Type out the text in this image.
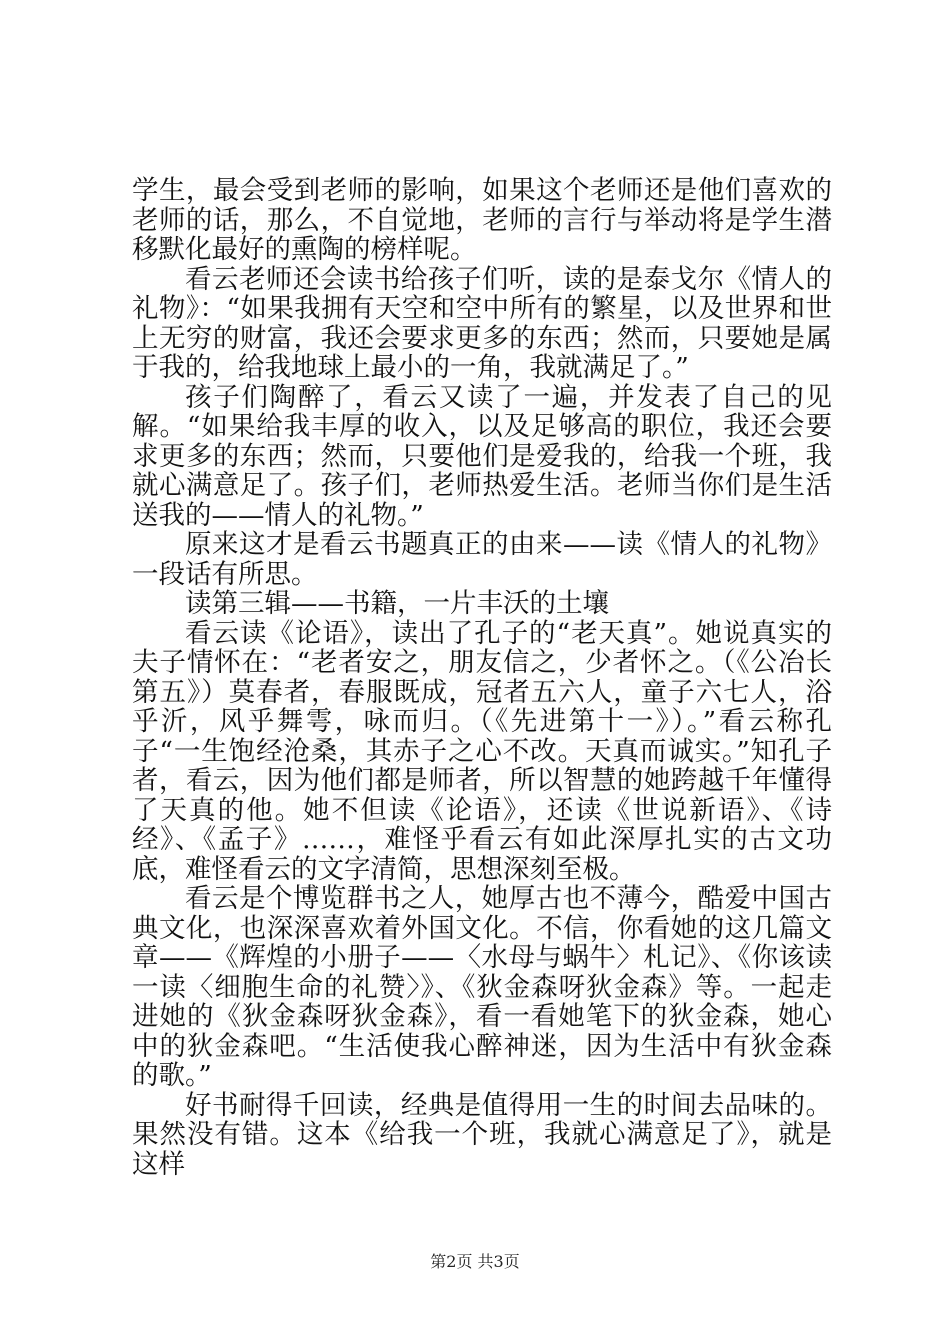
学生，最会受到老师的影响，如果这个老师还是他们喜欢的老师的话，那么，不自觉地，老师的言行与举动将是学生潜移默化最好的熏陶的榜样呢。

看云老师还会读书给孩子们听，读的是泰戈尔《情人的礼物》：“如果我拥有天空和空中所有的繁星，以及世界和世上无穷的财富，我还会要求更多的东西；然而，只要她是属于我的，给我地球上最小的一角，我就满足了。”

孩子们陶醉了，看云又读了一遍，并发表了自己的见解。“如果给我丰厚的收入，以及足够高的职位，我还会要求更多的东西；然而，只要他们是爱我的，给我一个班，我就心满意足了。孩子们，老师热爱生活。老师当你们是生活送我的——情人的礼物。”

原来这才是看云书题真正的由来——读《情人的礼物》一段话有所思。

读第三辑——书籍，一片丰沃的土壤

看云读《论语》，读出了孔子的“老天真”。她说真实的夫子情怀在：“老者安之，朋友信之，少者怀之。（《公冶长第五》）莫春者，春服既成，冠者五六人，童子六七人，浴乎沂，风乎舞雩，咏而归。（《先进第十一》）。”看云称孔子“一生饱经沧桑，其赤子之心不改。天真而诚实。”知孔子者，看云，因为他们都是师者，所以智慧的她跨越千年懂得了天真的他。她不但读《论语》，还读《世说新语》、《诗经》、《孟子》……，难怪乎看云有如此深厚扎实的古文功底，难怪看云的文字清简，思想深刻至极。

看云是个博览群书之人，她厚古也不薄今，酷爱中国古典文化，也深深喜欢着外国文化。不信，你看她的这几篇文章——《辉煌的小册子——〈水母与蜗牛〉札记》、《你该读一读〈细胞生命的礼赞〉》、《狄金森呀狄金森》等。一起走进她的《狄金森呀狄金森》，看一看她笔下的狄金森，她心中的狄金森吧。“生活使我心醉神迷，因为生活中有狄金森的歌。”

好书耐得千回读，经典是值得用一生的时间去品味的。果然没有错。这本《给我一个班，我就心满意足了》，就是这样

第2页 共3页
